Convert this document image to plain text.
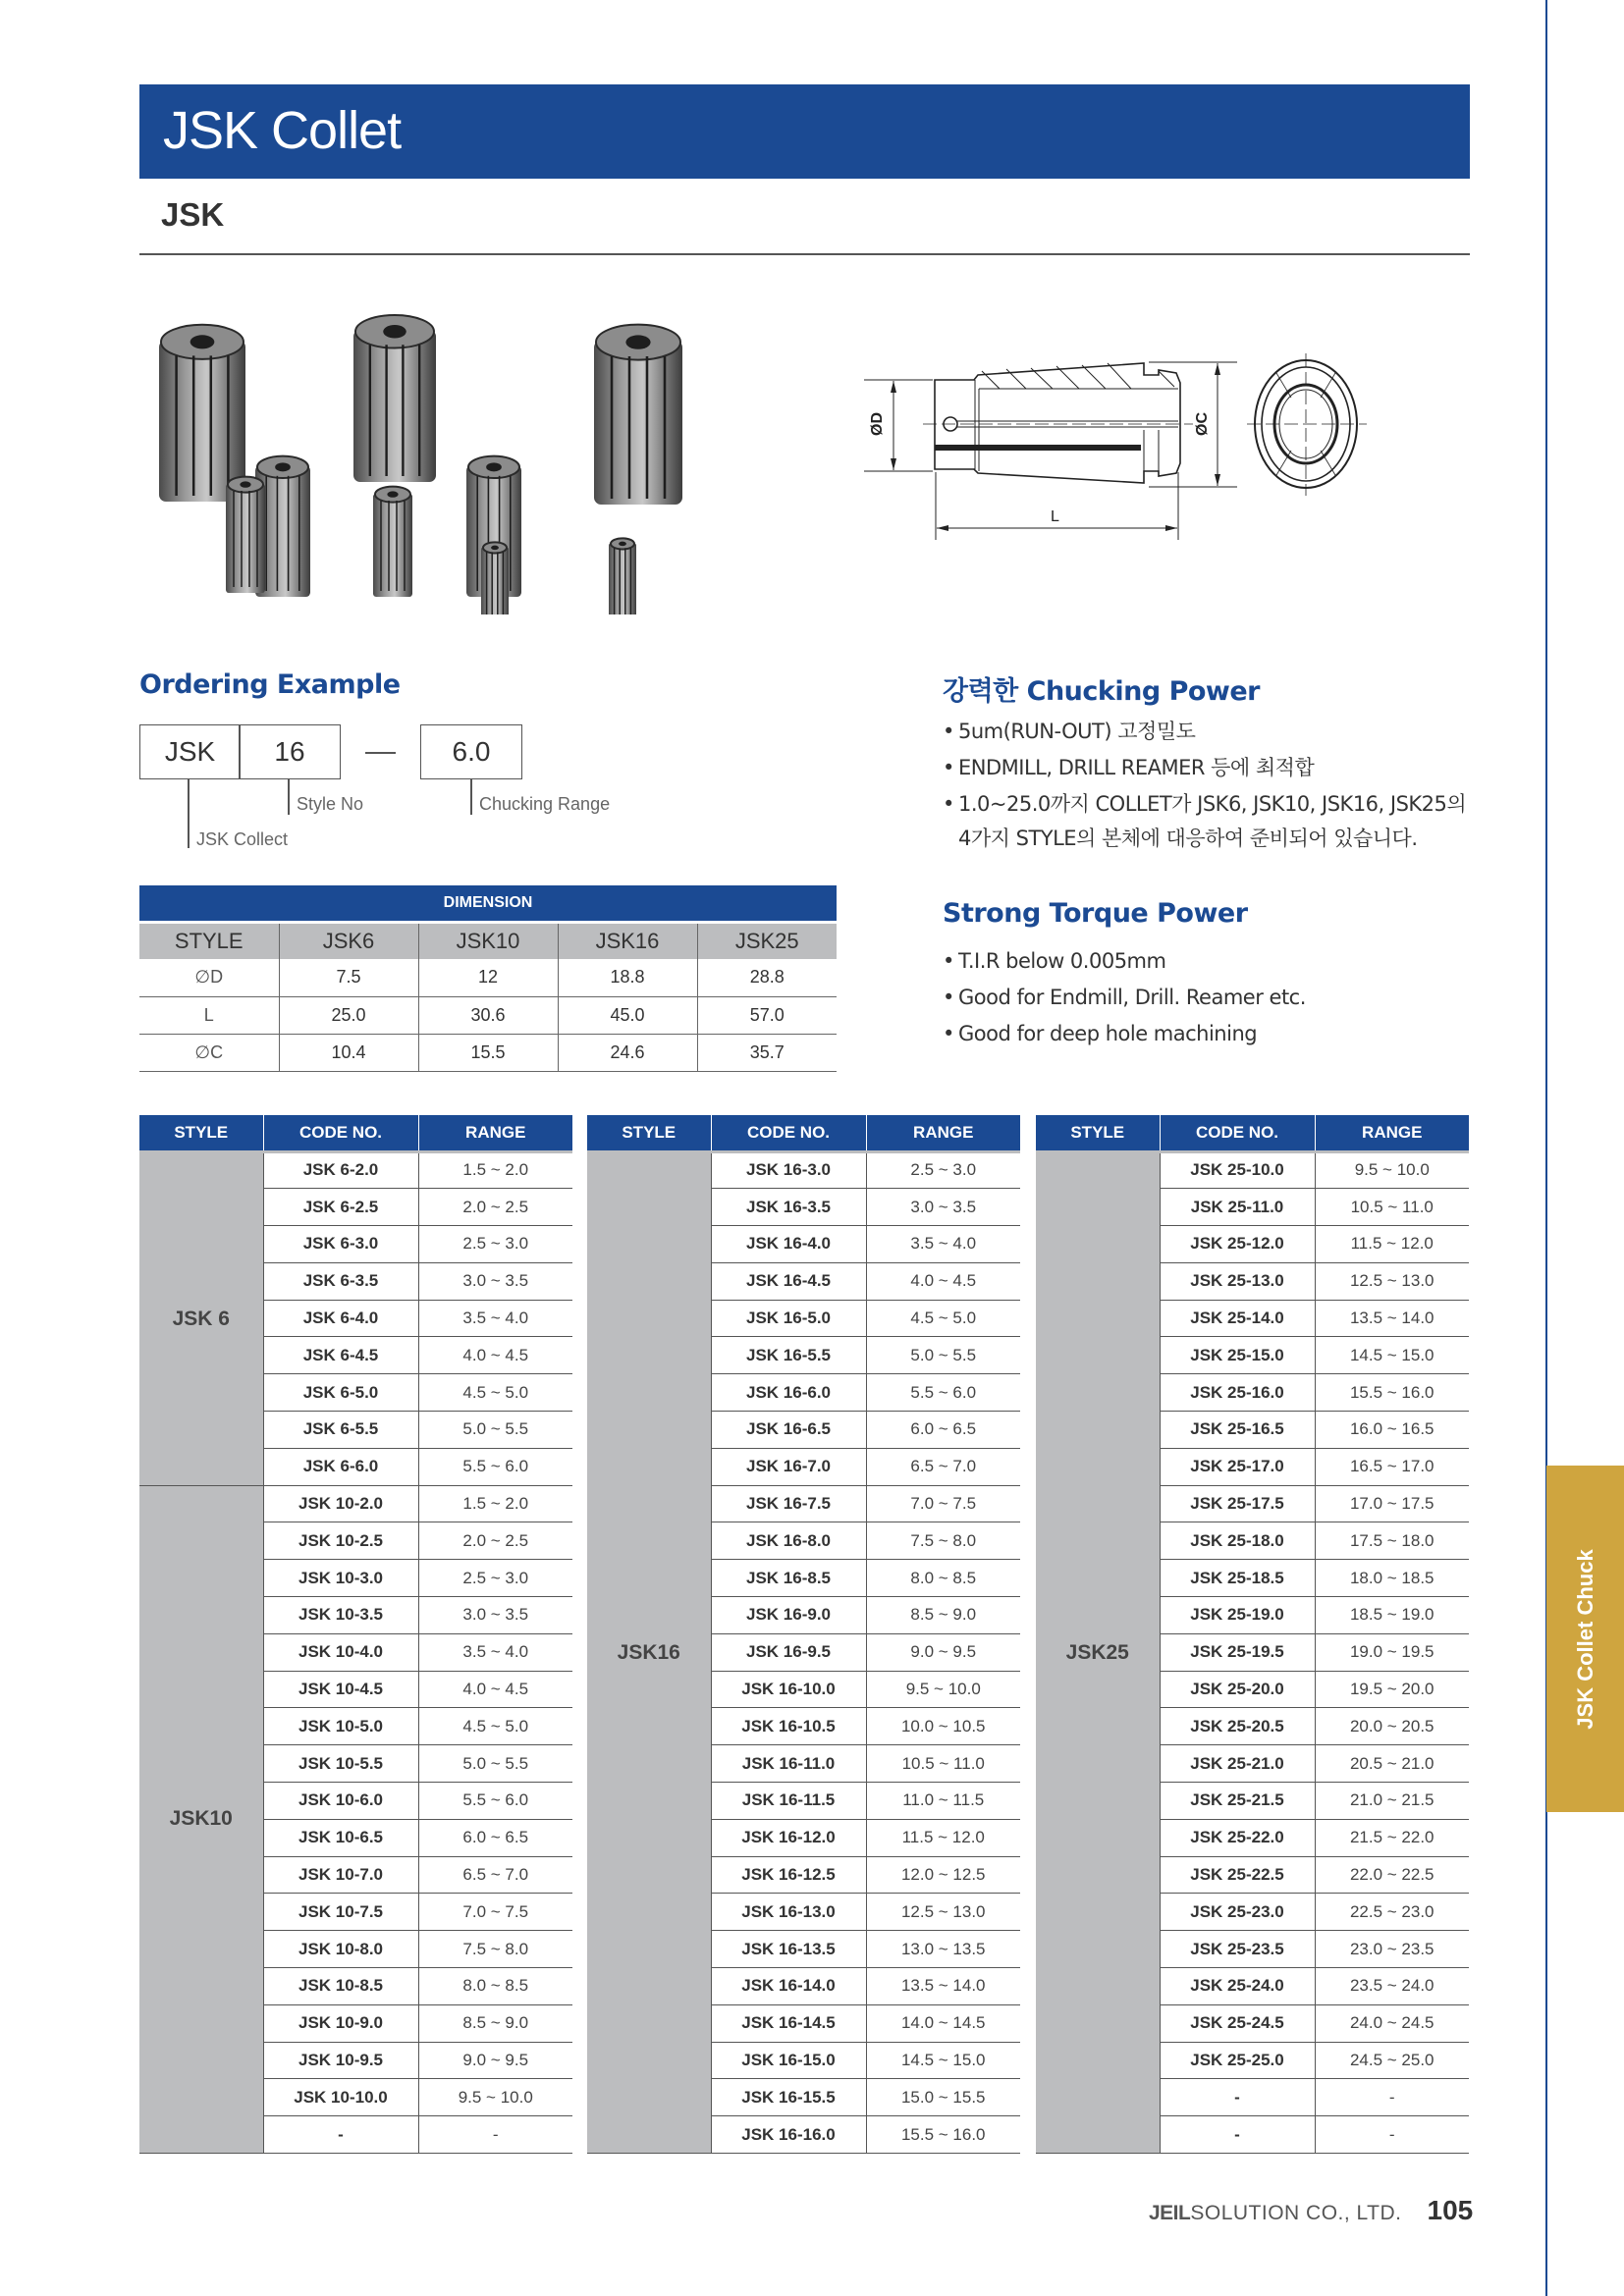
JSK Collet
JSK
ØD	ØC
L
Ordering Example
JSK	16	6.0
JSK Collect
Style No	Chucking Range
강력한 Chucking Power
• 5um(RUN-OUT) 고정밀도
• ENDMILL, DRILL REAMER 등에 최적합
• 1.0~25.0까지 COLLET가 JSK6, JSK10, JSK16, JSK25의
4가지 STYLE의 본체에 대응하여 준비되어 있습니다.
Strong Torque Power
• T.I.R below 0.005mm
• Good for Endmill, Drill. Reamer etc.
• Good for deep hole machining
DIMENSION				
STYLE	JSK6	JSK10	JSK16	JSK25
∅D	7.5	12	18.8	28.8
L	25.0	30.6	45.0	57.0
∅C	10.4	15.5	24.6	35.7
STYLE	CODE NO.	RANGE
JSK 6	JSK 6-2.0	1.5 ~ 2.0
	JSK 6-2.5	2.0 ~ 2.5
	JSK 6-3.0	2.5 ~ 3.0
	JSK 6-3.5	3.0 ~ 3.5
	JSK 6-4.0	3.5 ~ 4.0
	JSK 6-4.5	4.0 ~ 4.5
	JSK 6-5.0	4.5 ~ 5.0
	JSK 6-5.5	5.0 ~ 5.5
	JSK 6-6.0	5.5 ~ 6.0
JSK10	JSK 10-2.0	1.5 ~ 2.0
	JSK 10-2.5	2.0 ~ 2.5
	JSK 10-3.0	2.5 ~ 3.0
	JSK 10-3.5	3.0 ~ 3.5
	JSK 10-4.0	3.5 ~ 4.0
	JSK 10-4.5	4.0 ~ 4.5
	JSK 10-5.0	4.5 ~ 5.0
	JSK 10-5.5	5.0 ~ 5.5
	JSK 10-6.0	5.5 ~ 6.0
	JSK 10-6.5	6.0 ~ 6.5
	JSK 10-7.0	6.5 ~ 7.0
	JSK 10-7.5	7.0 ~ 7.5
	JSK 10-8.0	7.5 ~ 8.0
	JSK 10-8.5	8.0 ~ 8.5
	JSK 10-9.0	8.5 ~ 9.0
	JSK 10-9.5	9.0 ~ 9.5
	JSK 10-10.0	9.5 ~ 10.0
	-	-
STYLE	CODE NO.	RANGE
JSK16	JSK 16-3.0	2.5 ~ 3.0
	JSK 16-3.5	3.0 ~ 3.5
	JSK 16-4.0	3.5 ~ 4.0
	JSK 16-4.5	4.0 ~ 4.5
	JSK 16-5.0	4.5 ~ 5.0
	JSK 16-5.5	5.0 ~ 5.5
	JSK 16-6.0	5.5 ~ 6.0
	JSK 16-6.5	6.0 ~ 6.5
	JSK 16-7.0	6.5 ~ 7.0
	JSK 16-7.5	7.0 ~ 7.5
	JSK 16-8.0	7.5 ~ 8.0
	JSK 16-8.5	8.0 ~ 8.5
	JSK 16-9.0	8.5 ~ 9.0
	JSK 16-9.5	9.0 ~ 9.5
	JSK 16-10.0	9.5 ~ 10.0
	JSK 16-10.5	10.0 ~ 10.5
	JSK 16-11.0	10.5 ~ 11.0
	JSK 16-11.5	11.0 ~ 11.5
	JSK 16-12.0	11.5 ~ 12.0
	JSK 16-12.5	12.0 ~ 12.5
	JSK 16-13.0	12.5 ~ 13.0
	JSK 16-13.5	13.0 ~ 13.5
	JSK 16-14.0	13.5 ~ 14.0
	JSK 16-14.5	14.0 ~ 14.5
	JSK 16-15.0	14.5 ~ 15.0
	JSK 16-15.5	15.0 ~ 15.5
	JSK 16-16.0	15.5 ~ 16.0
STYLE	CODE NO.	RANGE
JSK25	JSK 25-10.0	9.5 ~ 10.0
	JSK 25-11.0	10.5 ~ 11.0
	JSK 25-12.0	11.5 ~ 12.0
	JSK 25-13.0	12.5 ~ 13.0
	JSK 25-14.0	13.5 ~ 14.0
	JSK 25-15.0	14.5 ~ 15.0
	JSK 25-16.0	15.5 ~ 16.0
	JSK 25-16.5	16.0 ~ 16.5
	JSK 25-17.0	16.5 ~ 17.0
	JSK 25-17.5	17.0 ~ 17.5
	JSK 25-18.0	17.5 ~ 18.0
	JSK 25-18.5	18.0 ~ 18.5
	JSK 25-19.0	18.5 ~ 19.0
	JSK 25-19.5	19.0 ~ 19.5
	JSK 25-20.0	19.5 ~ 20.0
	JSK 25-20.5	20.0 ~ 20.5
	JSK 25-21.0	20.5 ~ 21.0
	JSK 25-21.5	21.0 ~ 21.5
	JSK 25-22.0	21.5 ~ 22.0
	JSK 25-22.5	22.0 ~ 22.5
	JSK 25-23.0	22.5 ~ 23.0
	JSK 25-23.5	23.0 ~ 23.5
	JSK 25-24.0	23.5 ~ 24.0
	JSK 25-24.5	24.0 ~ 24.5
	JSK 25-25.0	24.5 ~ 25.0
	-	-
	-	-
JSK Collet Chuck
JEILSOLUTION CO., LTD. 105
